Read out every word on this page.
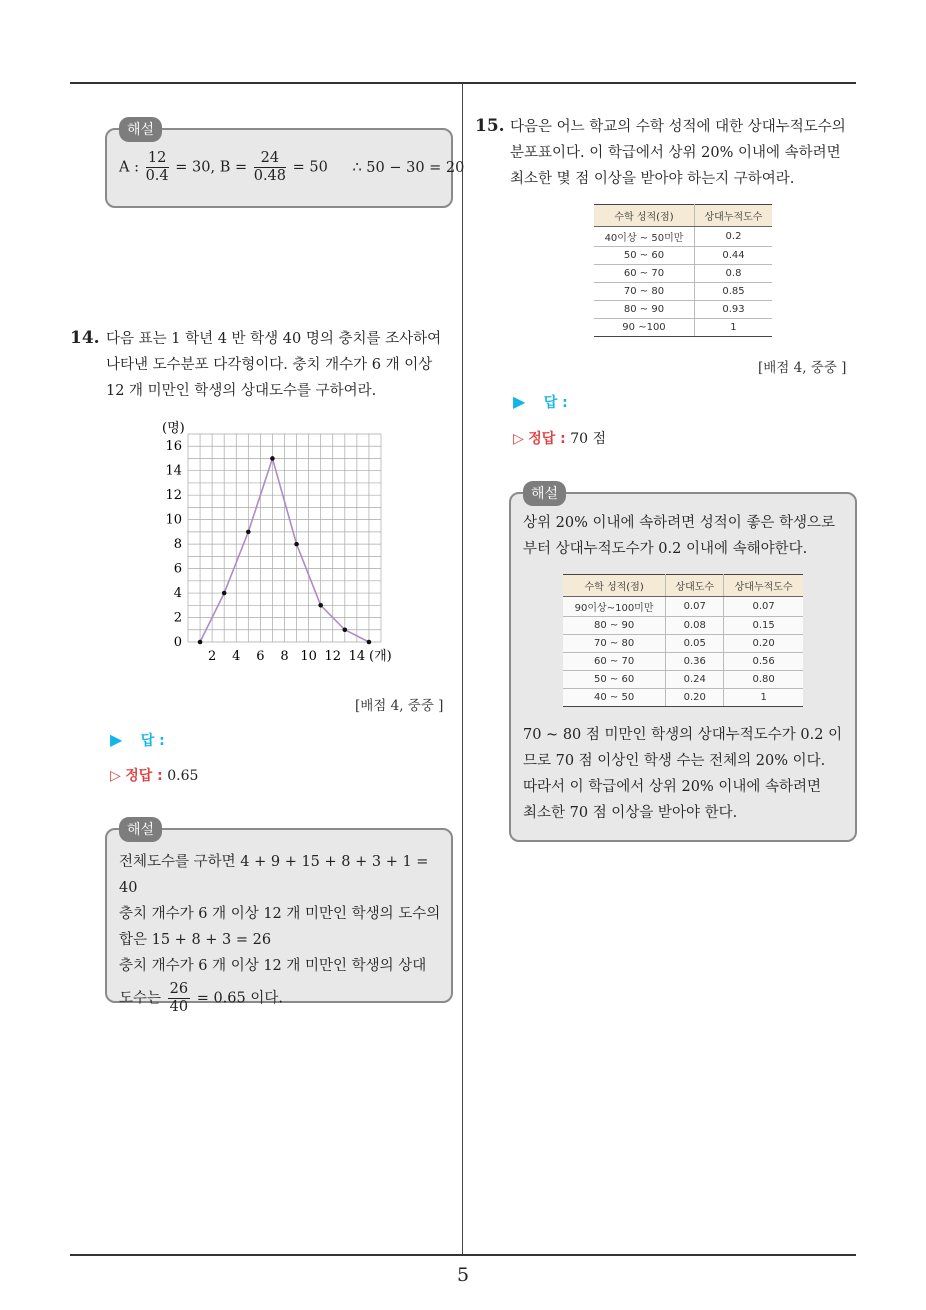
5
해설
A : $\frac{12}{0.4} = 30$, $B = \frac{24}{0.48} = 50$ ∴ 50 − 30 = 20
14. 다음 표는 1 학년 4 반 학생 40 명의 충치를 조사하여
나타낸 도수분포 다각형이다. 충치 개수가 6 개 이상
12 개 미만인 학생의 상대도수를 구하여라.
0
2
4
6
8
10
12
14
16
2 4 6 8 10 12 14
(명)
(개)
[배점 4, 중중 ]
▶ 답 :
▷ 정답 : 0.65
해설
전체도수를 구하면 4 + 9 + 15 + 8 + 3 + 1 = 40
충치 개수가 6 개 이상 12 개 미만인 학생의 도수의
합은 15 + 8 + 3 = 26
충치 개수가 6 개 이상 12 개 미만인 학생의 상대
도수는 $\frac{26}{40} = 0.65$ 이다.
15. 다음은 어느 학교의 수학 성적에 대한 상대누적도수의
분포표이다. 이 학급에서 상위 20% 이내에 속하려면
최소한 몇 점 이상을 받아야 하는지 구하여라.
수학 성적(점)	상대누적도수
40이상 ~ 50미만	0.2
50 ~ 60	0.44
60 ~ 70	0.8
70 ~ 80	0.85
80 ~ 90	0.93
90 ~100	1
[배점 4, 중중 ]
▶ 답 :
▷ 정답 : 70 점
해설
상위 20% 이내에 속하려면 성적이 좋은 학생으로
부터 상대누적도수가 0.2 이내에 속해야한다.
수학 성적(점)	상대도수	상대누적도수
90이상~100미만	0.07	0.07
80 ~ 90	0.08	0.15
70 ~ 80	0.05	0.20
60 ~ 70	0.36	0.56
50 ~ 60	0.24	0.80
40 ~ 50	0.20	1
70 ~ 80 점 미만인 학생의 상대누적도수가 0.2 이
므로 70 점 이상인 학생 수는 전체의 20% 이다.
따라서 이 학급에서 상위 20% 이내에 속하려면
최소한 70 점 이상을 받아야 한다.
